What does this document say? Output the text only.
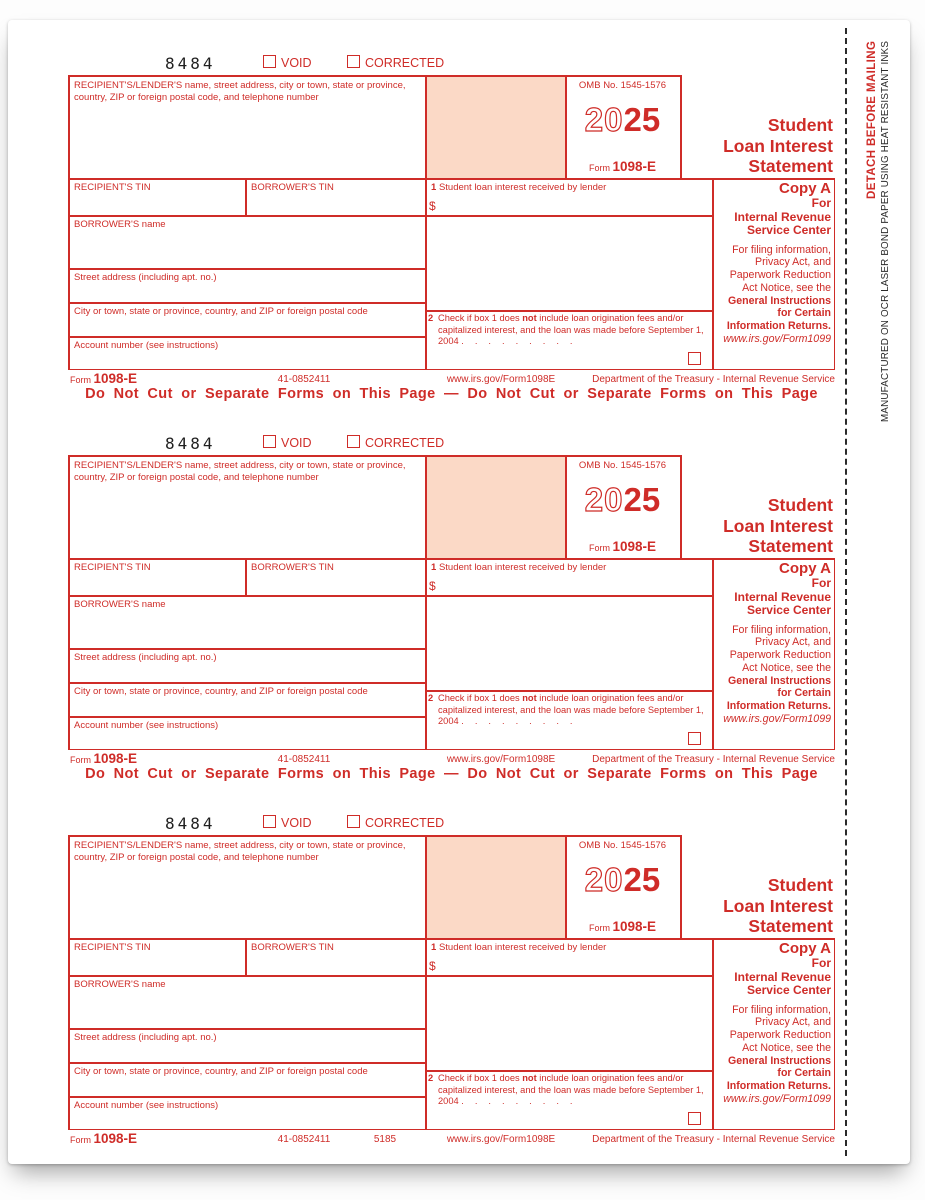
8484	VOID	CORRECTED
RECIPIENT'S/LENDER'S name, street address, city or town, state or province, country, ZIP or foreign postal code, and telephone number
OMB No. 1545-1576
2025
Form 1098-E
Student
Loan Interest
Statement
RECIPIENT'S TIN	BORROWER'S TIN	1 Student loan interest received by lender
$
BORROWER'S name
Street address (including apt. no.)
City or town, state or province, country, and ZIP or foreign postal code
Account number (see instructions)
2 Check if box 1 does not include loan origination fees and/or capitalized interest, and the loan was made before September 1, 2004 .........
Copy A
For
Internal Revenue
Service Center
For filing information,
Privacy Act, and
Paperwork Reduction
Act Notice, see the
General Instructions
for Certain
Information Returns.
www.irs.gov/Form1099
Form 1098-E	41-0852411	www.irs.gov/Form1098E	Department of the Treasury - Internal Revenue Service
Do Not Cut or Separate Forms on This Page — Do Not Cut or Separate Forms on This Page
8484	VOID	CORRECTED
RECIPIENT'S/LENDER'S name, street address, city or town, state or province, country, ZIP or foreign postal code, and telephone number
OMB No. 1545-1576
2025
Form 1098-E
Student
Loan Interest
Statement
RECIPIENT'S TIN	BORROWER'S TIN	1 Student loan interest received by lender
$
BORROWER'S name
Street address (including apt. no.)
City or town, state or province, country, and ZIP or foreign postal code
Account number (see instructions)
2 Check if box 1 does not include loan origination fees and/or capitalized interest, and the loan was made before September 1, 2004 .........
Copy A
For
Internal Revenue
Service Center
For filing information,
Privacy Act, and
Paperwork Reduction
Act Notice, see the
General Instructions
for Certain
Information Returns.
www.irs.gov/Form1099
Form 1098-E	41-0852411	www.irs.gov/Form1098E	Department of the Treasury - Internal Revenue Service
Do Not Cut or Separate Forms on This Page — Do Not Cut or Separate Forms on This Page
8484	VOID	CORRECTED
RECIPIENT'S/LENDER'S name, street address, city or town, state or province, country, ZIP or foreign postal code, and telephone number
OMB No. 1545-1576
2025
Form 1098-E
Student
Loan Interest
Statement
RECIPIENT'S TIN	BORROWER'S TIN	1 Student loan interest received by lender
$
BORROWER'S name
Street address (including apt. no.)
City or town, state or province, country, and ZIP or foreign postal code
Account number (see instructions)
2 Check if box 1 does not include loan origination fees and/or capitalized interest, and the loan was made before September 1, 2004 .........
Copy A
For
Internal Revenue
Service Center
For filing information,
Privacy Act, and
Paperwork Reduction
Act Notice, see the
General Instructions
for Certain
Information Returns.
www.irs.gov/Form1099
Form 1098-E	41-0852411	5185	www.irs.gov/Form1098E	Department of the Treasury - Internal Revenue Service
DETACH BEFORE MAILING MANUFACTURED ON OCR LASER BOND PAPER USING HEAT RESISTANT INKS
